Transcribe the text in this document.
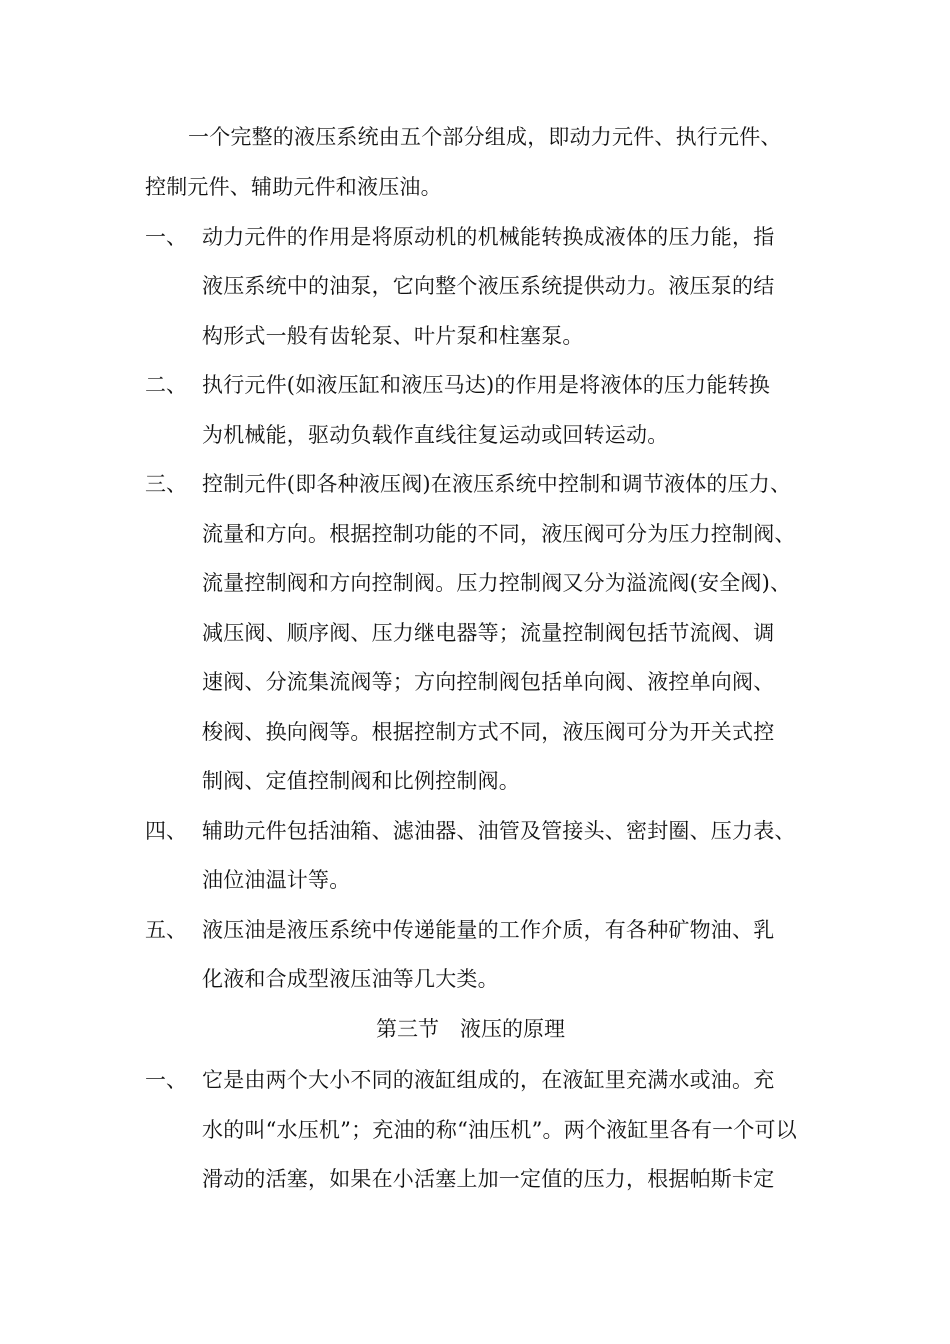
一个完整的液压系统由五个部分组成，即动力元件、执行元件、
控制元件、辅助元件和液压油。
一、 动力元件的作用是将原动机的机械能转换成液体的压力能，指
液压系统中的油泵，它向整个液压系统提供动力。液压泵的结
构形式一般有齿轮泵、叶片泵和柱塞泵。
二、 执行元件(如液压缸和液压马达)的作用是将液体的压力能转换
为机械能，驱动负载作直线往复运动或回转运动。
三、 控制元件(即各种液压阀)在液压系统中控制和调节液体的压力、
流量和方向。根据控制功能的不同，液压阀可分为压力控制阀、
流量控制阀和方向控制阀。压力控制阀又分为溢流阀(安全阀)、
减压阀、顺序阀、压力继电器等；流量控制阀包括节流阀、调
速阀、分流集流阀等；方向控制阀包括单向阀、液控单向阀、
梭阀、换向阀等。根据控制方式不同，液压阀可分为开关式控
制阀、定值控制阀和比例控制阀。
四、 辅助元件包括油箱、滤油器、油管及管接头、密封圈、压力表、
油位油温计等。
五、 液压油是液压系统中传递能量的工作介质，有各种矿物油、乳
化液和合成型液压油等几大类。
第三节　液压的原理
一、 它是由两个大小不同的液缸组成的，在液缸里充满水或油。充
水的叫“水压机”；充油的称“油压机”。两个液缸里各有一个可以
滑动的活塞，如果在小活塞上加一定值的压力，根据帕斯卡定
